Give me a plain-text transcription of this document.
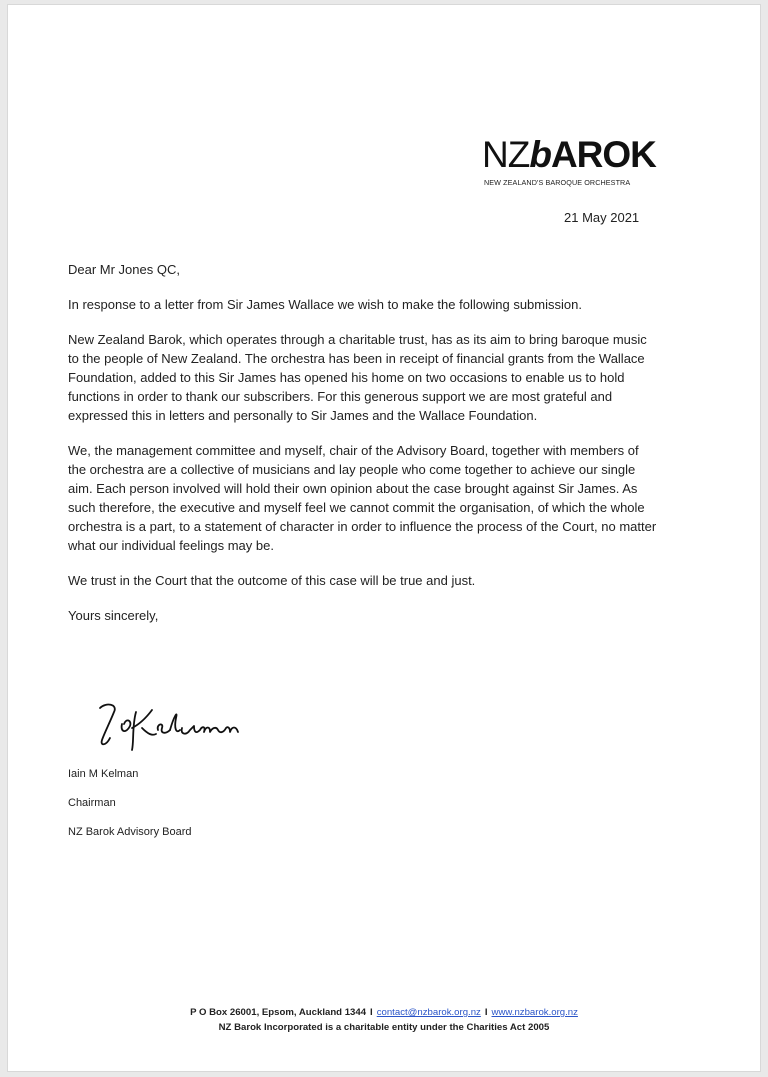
NZbAROK
NEW ZEALAND'S BAROQUE ORCHESTRA
21 May 2021

Dear Mr Jones QC,

In response to a letter from Sir James Wallace we wish to make the following submission.

New Zealand Barok, which operates through a charitable trust, has as its aim to bring baroque music to the people of New Zealand. The orchestra has been in receipt of financial grants from the Wallace Foundation, added to this Sir James has opened his home on two occasions to enable us to hold functions in order to thank our subscribers. For this generous support we are most grateful and expressed this in letters and personally to Sir James and the Wallace Foundation.

We, the management committee and myself, chair of the Advisory Board, together with members of the orchestra are a collective of musicians and lay people who come together to achieve our single aim. Each person involved will hold their own opinion about the case brought against Sir James. As such therefore, the executive and myself feel we cannot commit the organisation, of which the whole orchestra is a part, to a statement of character in order to influence the process of the Court, no matter what our individual feelings may be.

We trust in the Court that the outcome of this case will be true and just.

Yours sincerely,

Iain M Kelman
Chairman
NZ Barok Advisory Board
P O Box 26001, Epsom, Auckland 1344 I contact@nzbarok.org.nz I www.nzbarok.org.nz
NZ Barok Incorporated is a charitable entity under the Charities Act 2005
